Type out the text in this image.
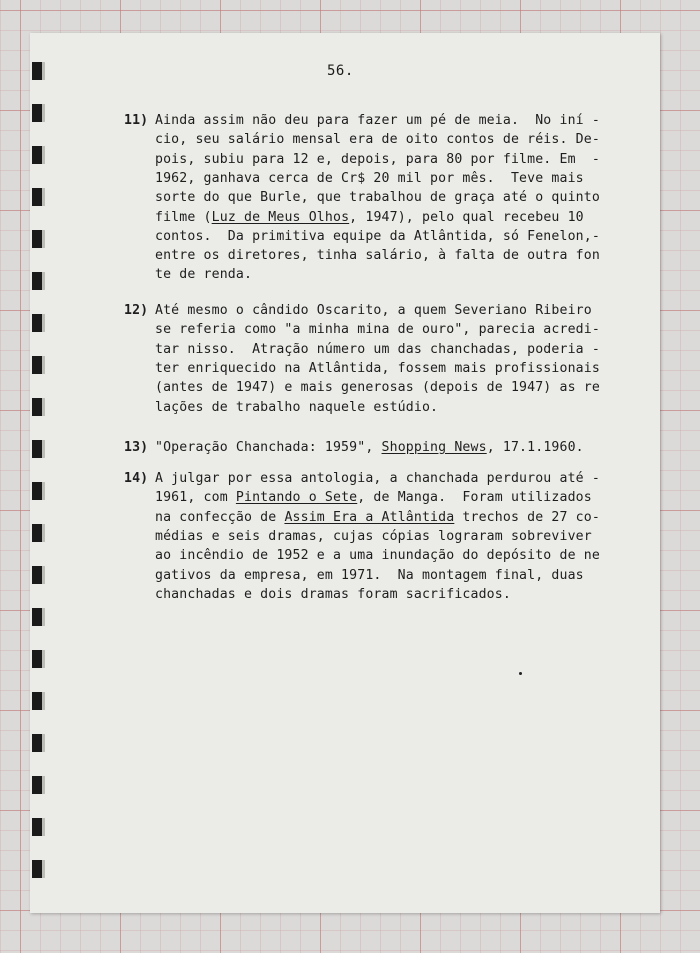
56.
11) Ainda assim não deu para fazer um pé de meia.  No iní -
cio, seu salário mensal era de oito contos de réis. De-
pois, subiu para 12 e, depois, para 80 por filme. Em  -
1962, ganhava cerca de Cr$ 20 mil por mês.  Teve mais
sorte do que Burle, que trabalhou de graça até o quinto
filme (Luz de Meus Olhos, 1947), pelo qual recebeu 10
contos.  Da primitiva equipe da Atlântida, só Fenelon,-
entre os diretores, tinha salário, à falta de outra fon
te de renda.
12) Até mesmo o cândido Oscarito, a quem Severiano Ribeiro
se referia como "a minha mina de ouro", parecia acredi-
tar nisso.  Atração número um das chanchadas, poderia -
ter enriquecido na Atlântida, fossem mais profissionais
(antes de 1947) e mais generosas (depois de 1947) as re
lações de trabalho naquele estúdio.
13) "Operação Chanchada: 1959", Shopping News, 17.1.1960.
14) A julgar por essa antologia, a chanchada perdurou até -
1961, com Pintando o Sete, de Manga.  Foram utilizados
na confecção de Assim Era a Atlântida trechos de 27 co-
médias e seis dramas, cujas cópias lograram sobreviver
ao incêndio de 1952 e a uma inundação do depósito de ne
gativos da empresa, em 1971.  Na montagem final, duas
chanchadas e dois dramas foram sacrificados.
